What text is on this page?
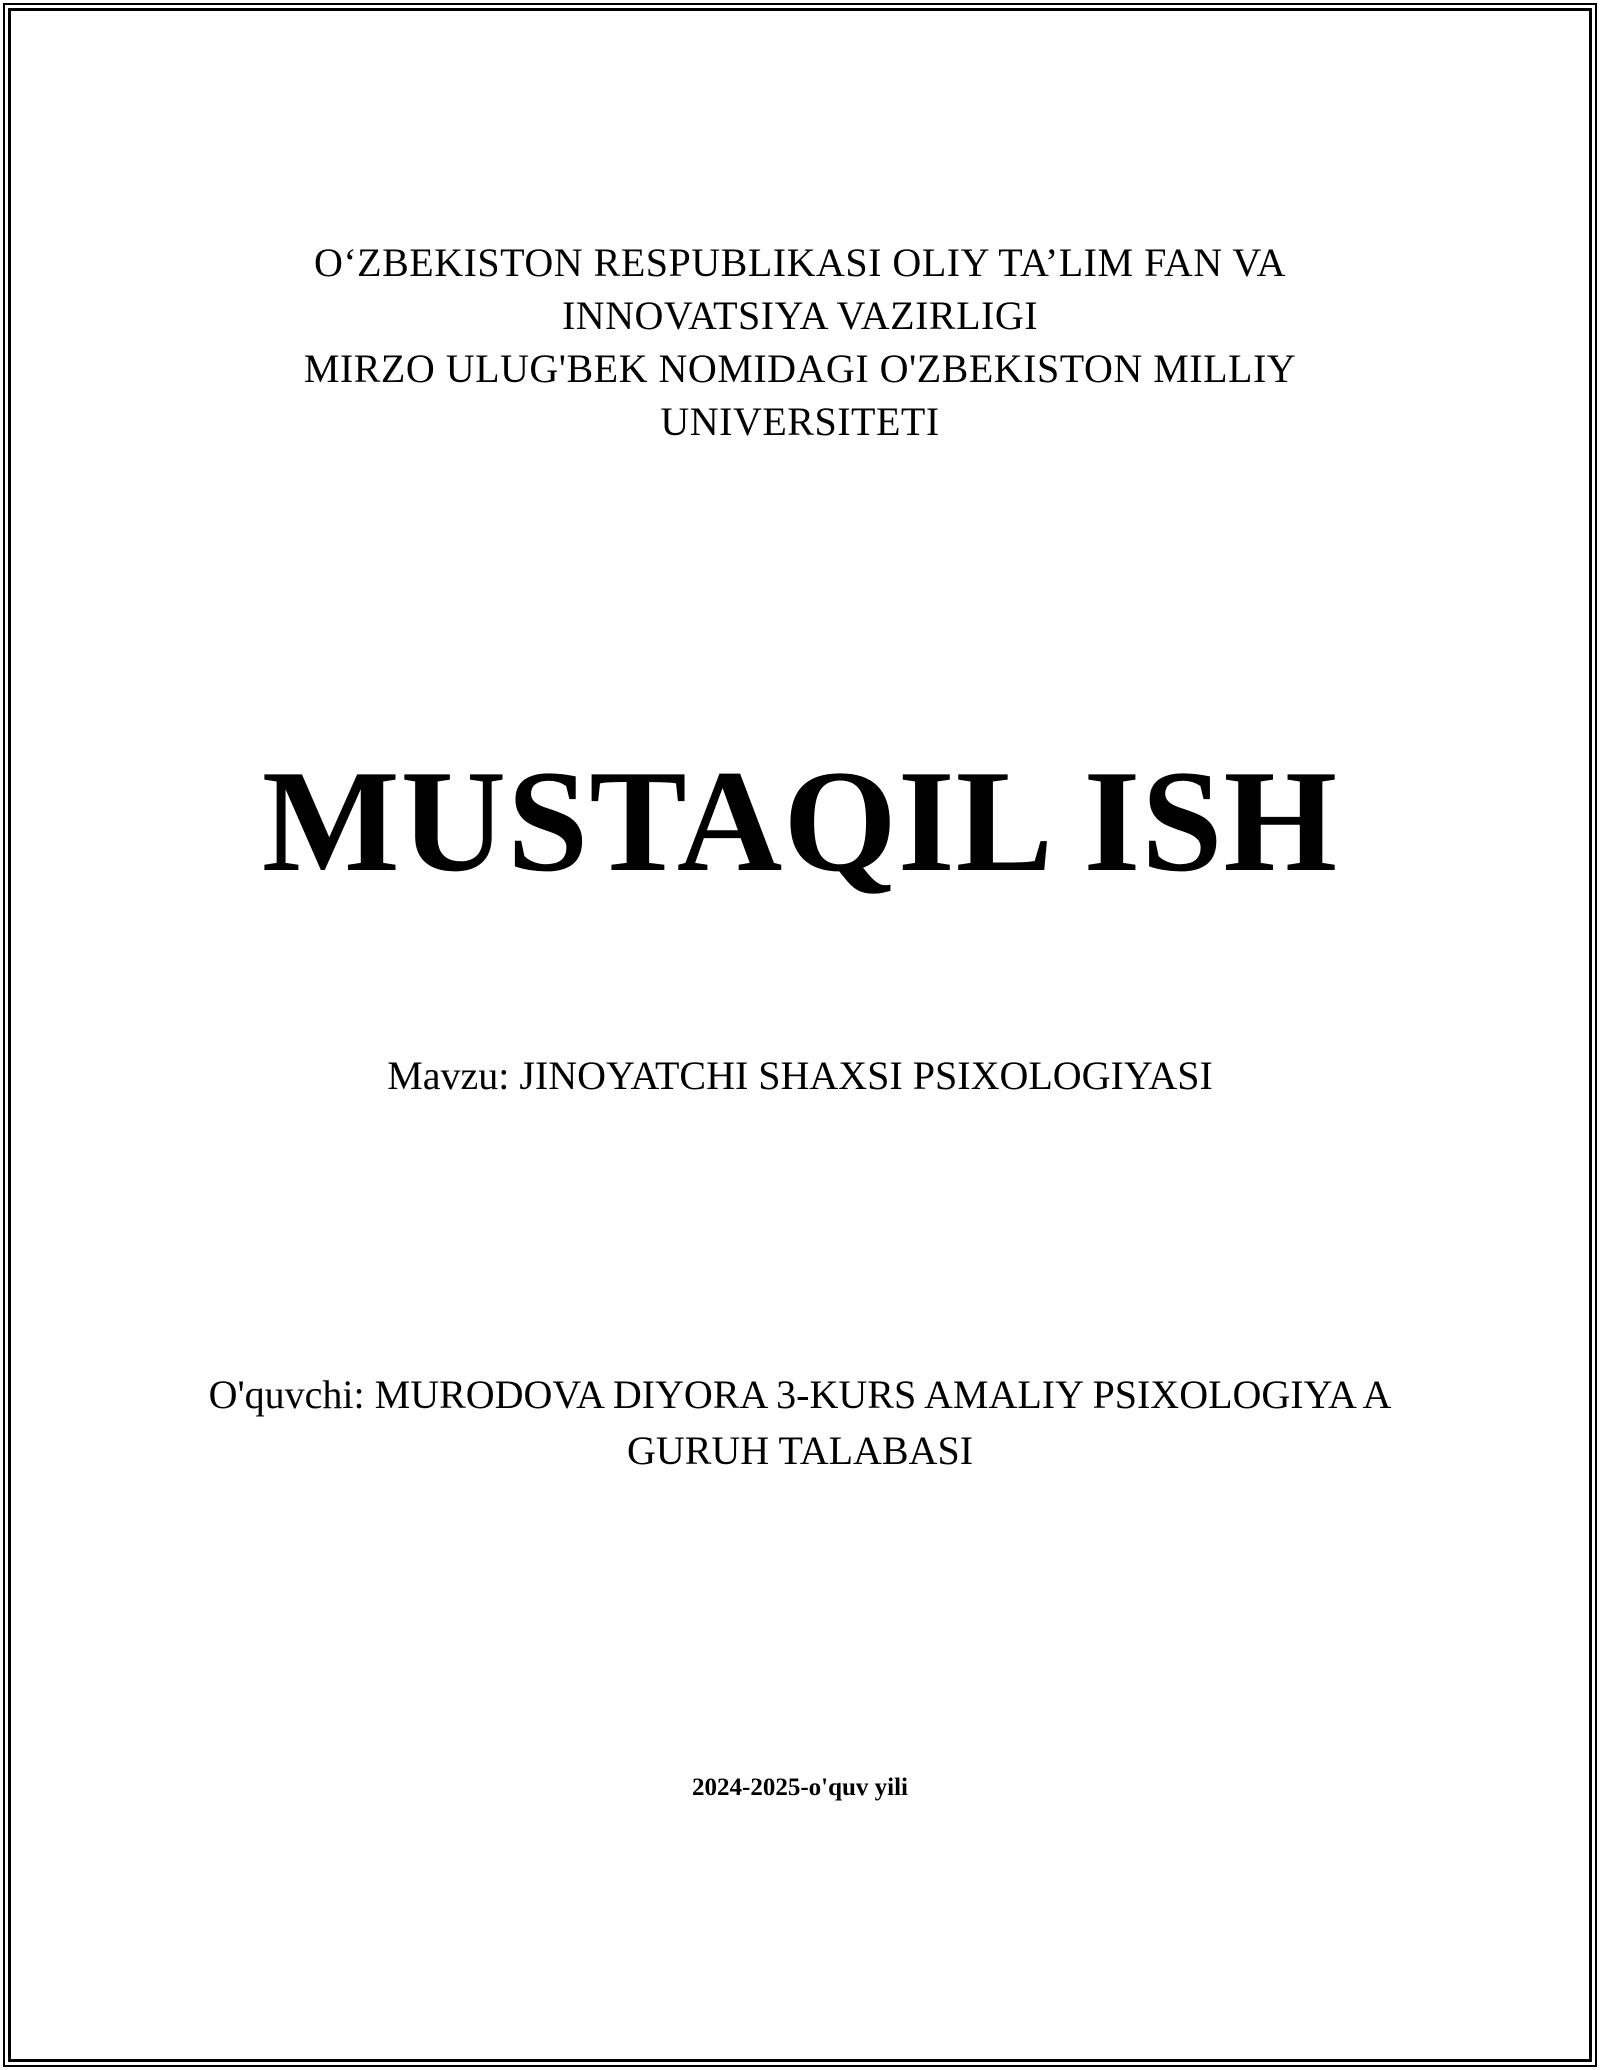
OʻZBEKISTON RESPUBLIKASI OLIY TA’LIM FAN VA
INNOVATSIYA VAZIRLIGI
MIRZO ULUG'BEK NOMIDAGI O'ZBEKISTON MILLIY
UNIVERSITETI
MUSTAQIL ISH
Mavzu: JINOYATCHI SHAXSI PSIXOLOGIYASI
O'quvchi: MURODOVA DIYORA 3-KURS AMALIY PSIXOLOGIYA A
GURUH TALABASI
2024-2025-o'quv yili
